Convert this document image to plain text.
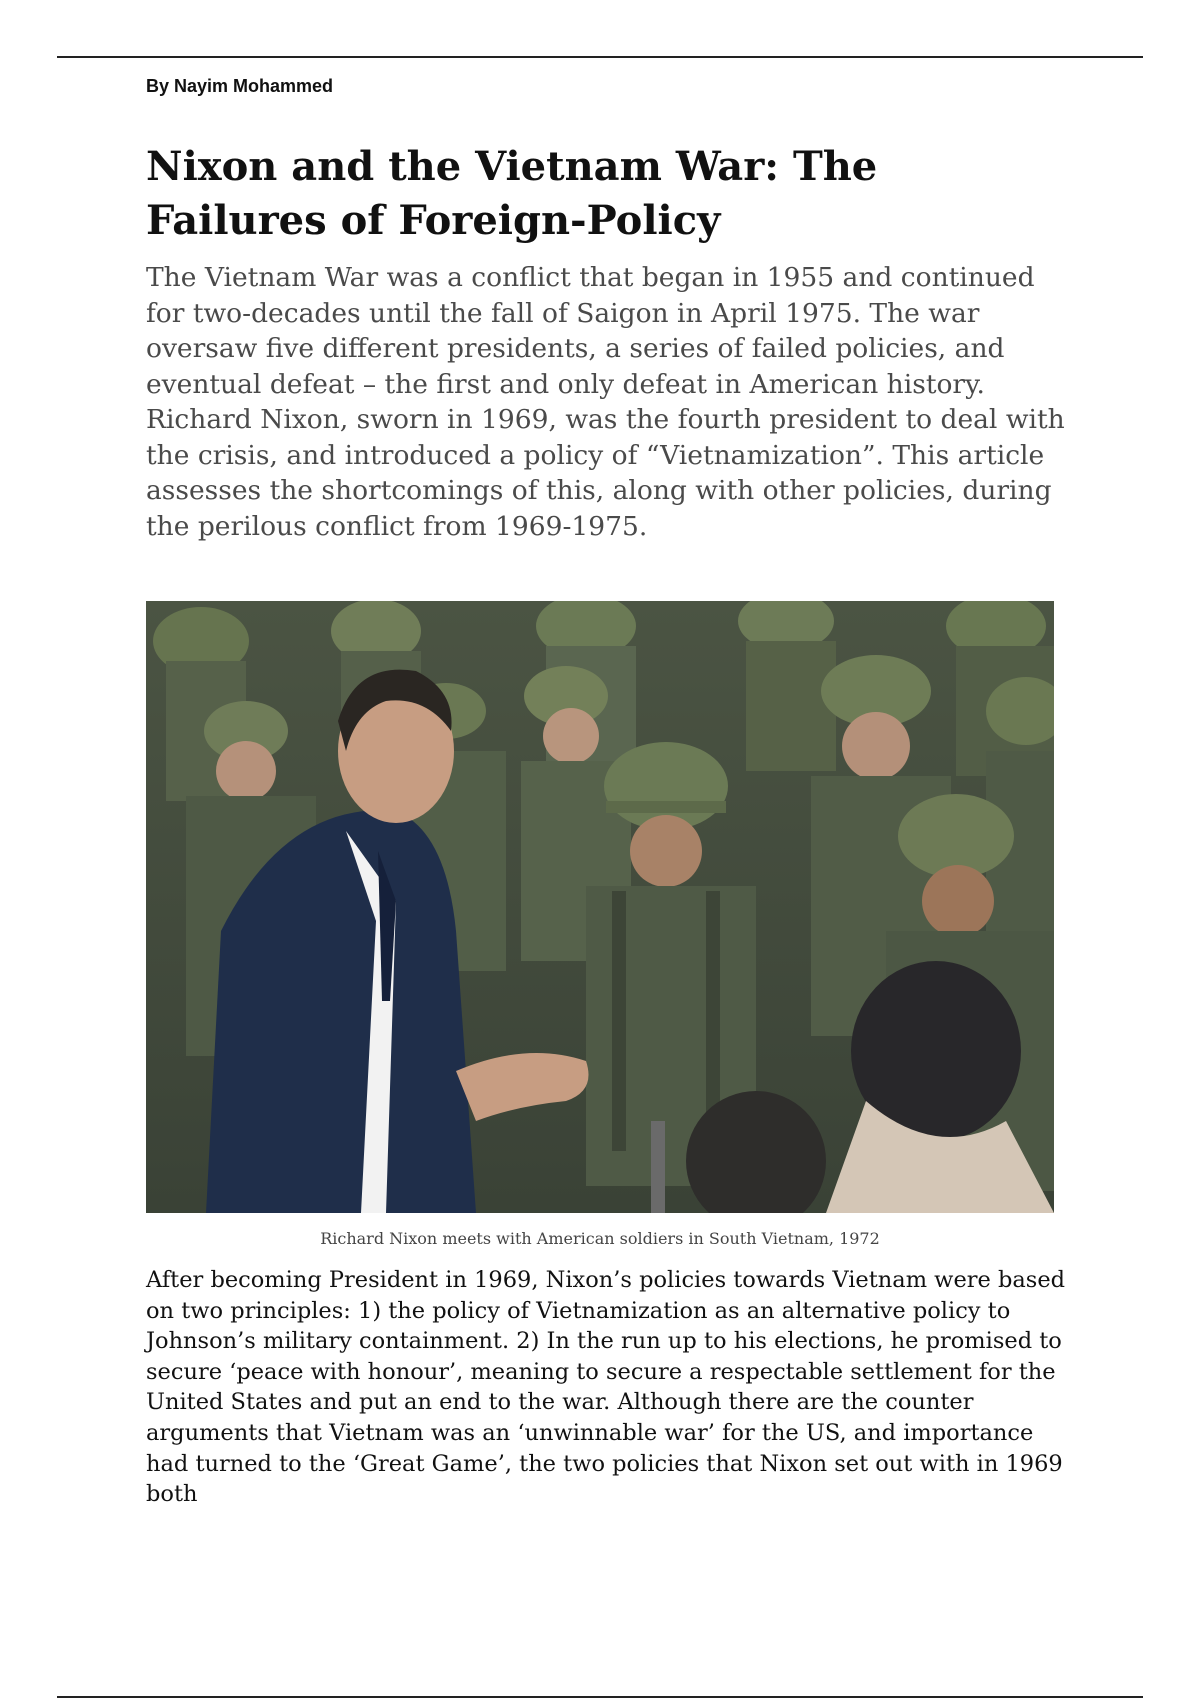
By Nayim Mohammed
Nixon and the Vietnam War: The Failures of Foreign-Policy

The Vietnam War was a conflict that began in 1955 and continued for two-decades until the fall of Saigon in April 1975. The war oversaw five different presidents, a series of failed policies, and eventual defeat – the first and only defeat in American history. Richard Nixon, sworn in 1969, was the fourth president to deal with the crisis, and introduced a policy of “Vietnamization”. This article assesses the shortcomings of this, along with other policies, during the perilous conflict from 1969-1975.

Richard Nixon meets with American soldiers in South Vietnam, 1972

After becoming President in 1969, Nixon’s policies towards Vietnam were based on two principles: 1) the policy of Vietnamization as an alternative policy to Johnson’s military containment. 2) In the run up to his elections, he promised to secure ‘peace with honour’, meaning to secure a respectable settlement for the United States and put an end to the war. Although there are the counter arguments that Vietnam was an ‘unwinnable war’ for the US, and importance had turned to the ‘Great Game’, the two policies that Nixon set out with in 1969 both
